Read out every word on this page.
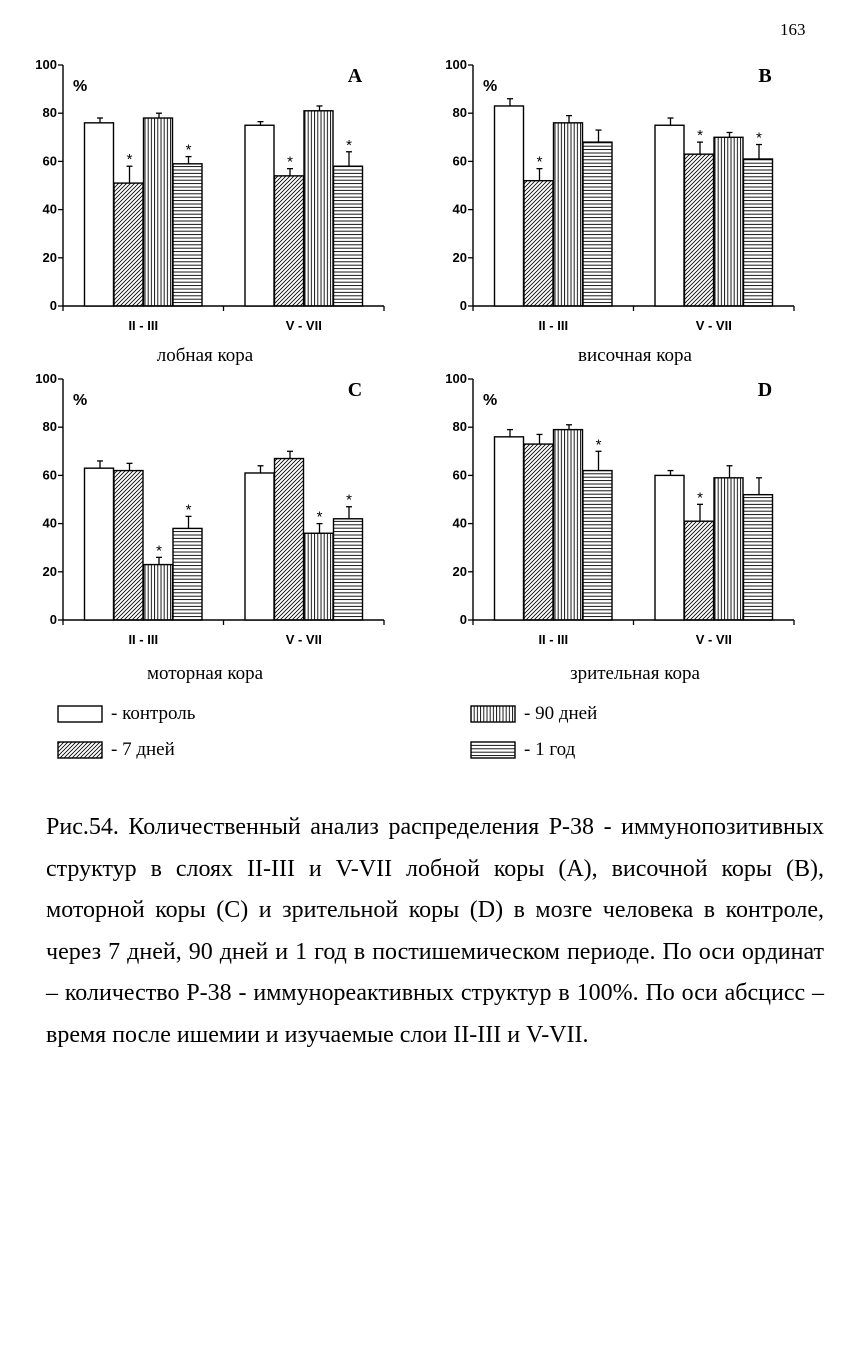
163
0
20
40
60
80
100
%	A
*
*
II - III
*
*
V - VII
лобная кора
0
20
40
60
80
100
%	B
*
II - III
*	*
V - VII
височная кора
0
20
40
60
80
100
%	C
*
*
II - III
*
*
V - VII
моторная кора
0
20
40
60
80
100
%	D
*
II - III
*
V - VII
зрительная кора
- контроль
- 7 дней
- 90 дней
- 1 год
Рис.54. Количественный анализ распределения Р-38 - иммунопозитивных структур в слоях II-III и V-VII лобной коры (А), височной коры (В), моторной коры (С) и зрительной коры (D) в мозге человека в контроле, через 7 дней, 90 дней и 1 год в постишемическом периоде. По оси ординат – количество Р-38 - иммунореактивных структур в 100%. По оси абсцисс – время после ишемии и изучаемые слои II-III и V-VII.
